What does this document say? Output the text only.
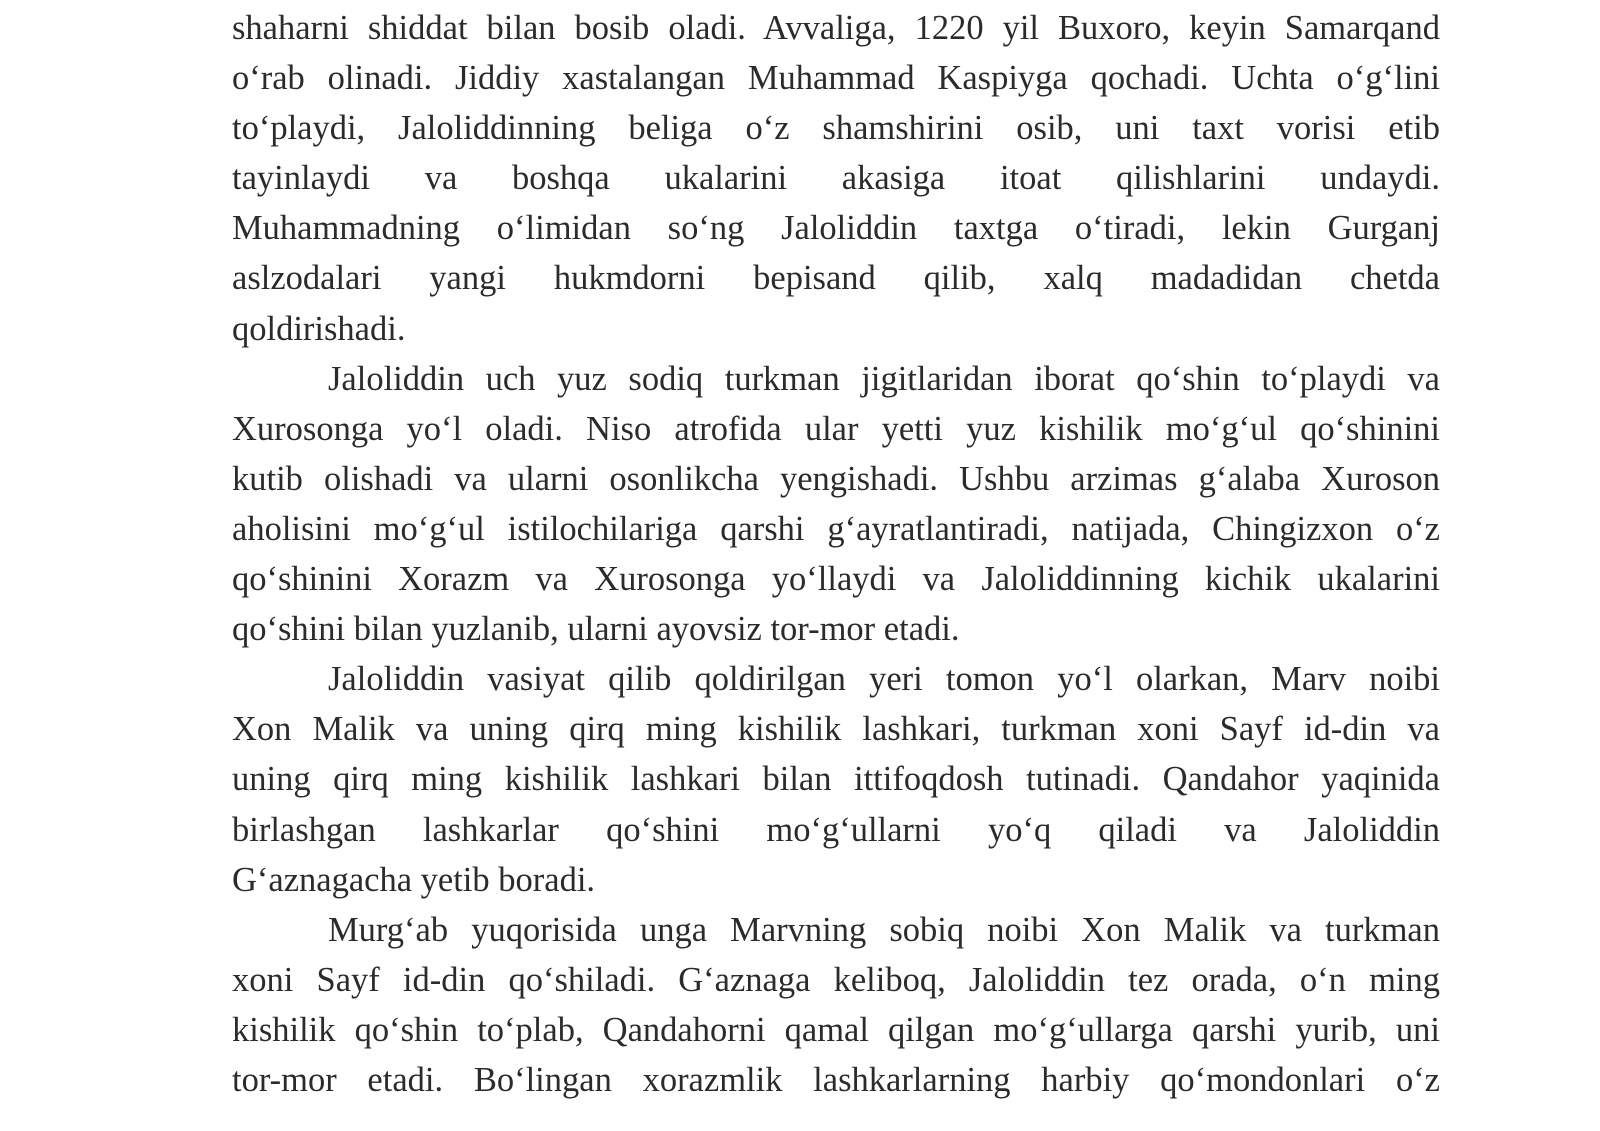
shaharni shiddat bilan bosib oladi. Avvaliga, 1220 yil Buxoro, keyin Samarqand
o‘rab olinadi. Jiddiy xastalangan Muhammad Kaspiyga qochadi. Uchta o‘g‘lini
to‘playdi, Jaloliddinning beliga o‘z shamshirini osib, uni taxt vorisi etib
tayinlaydi va boshqa ukalarini akasiga itoat qilishlarini undaydi.
Muhammadning o‘limidan so‘ng Jaloliddin taxtga o‘tiradi, lekin Gurganj
aslzodalari yangi hukmdorni bepisand qilib, xalq madadidan chetda
qoldirishadi.

Jaloliddin uch yuz sodiq turkman jigitlaridan iborat qo‘shin to‘playdi va
Xurosonga yo‘l oladi. Niso atrofida ular yetti yuz kishilik mo‘g‘ul qo‘shinini
kutib olishadi va ularni osonlikcha yengishadi. Ushbu arzimas g‘alaba Xuroson
aholisini mo‘g‘ul istilochilariga qarshi g‘ayratlantiradi, natijada, Chingizxon o‘z
qo‘shinini Xorazm va Xurosonga yo‘llaydi va Jaloliddinning kichik ukalarini
qo‘shini bilan yuzlanib, ularni ayovsiz tor-mor etadi.

Jaloliddin vasiyat qilib qoldirilgan yeri tomon yo‘l olarkan, Marv noibi
Xon Malik va uning qirq ming kishilik lashkari, turkman xoni Sayf id-din va
uning qirq ming kishilik lashkari bilan ittifoqdosh tutinadi. Qandahor yaqinida
birlashgan lashkarlar qo‘shini mo‘g‘ullarni yo‘q qiladi va Jaloliddin
G‘aznagacha yetib boradi.

Murg‘ab yuqorisida unga Marvning sobiq noibi Xon Malik va turkman
xoni Sayf id-din qo‘shiladi. G‘aznaga keliboq, Jaloliddin tez orada, o‘n ming
kishilik qo‘shin to‘plab, Qandahorni qamal qilgan mo‘g‘ullarga qarshi yurib, uni
tor-mor etadi. Bo‘lingan xorazmlik lashkarlarning harbiy qo‘mondonlari o‘z
